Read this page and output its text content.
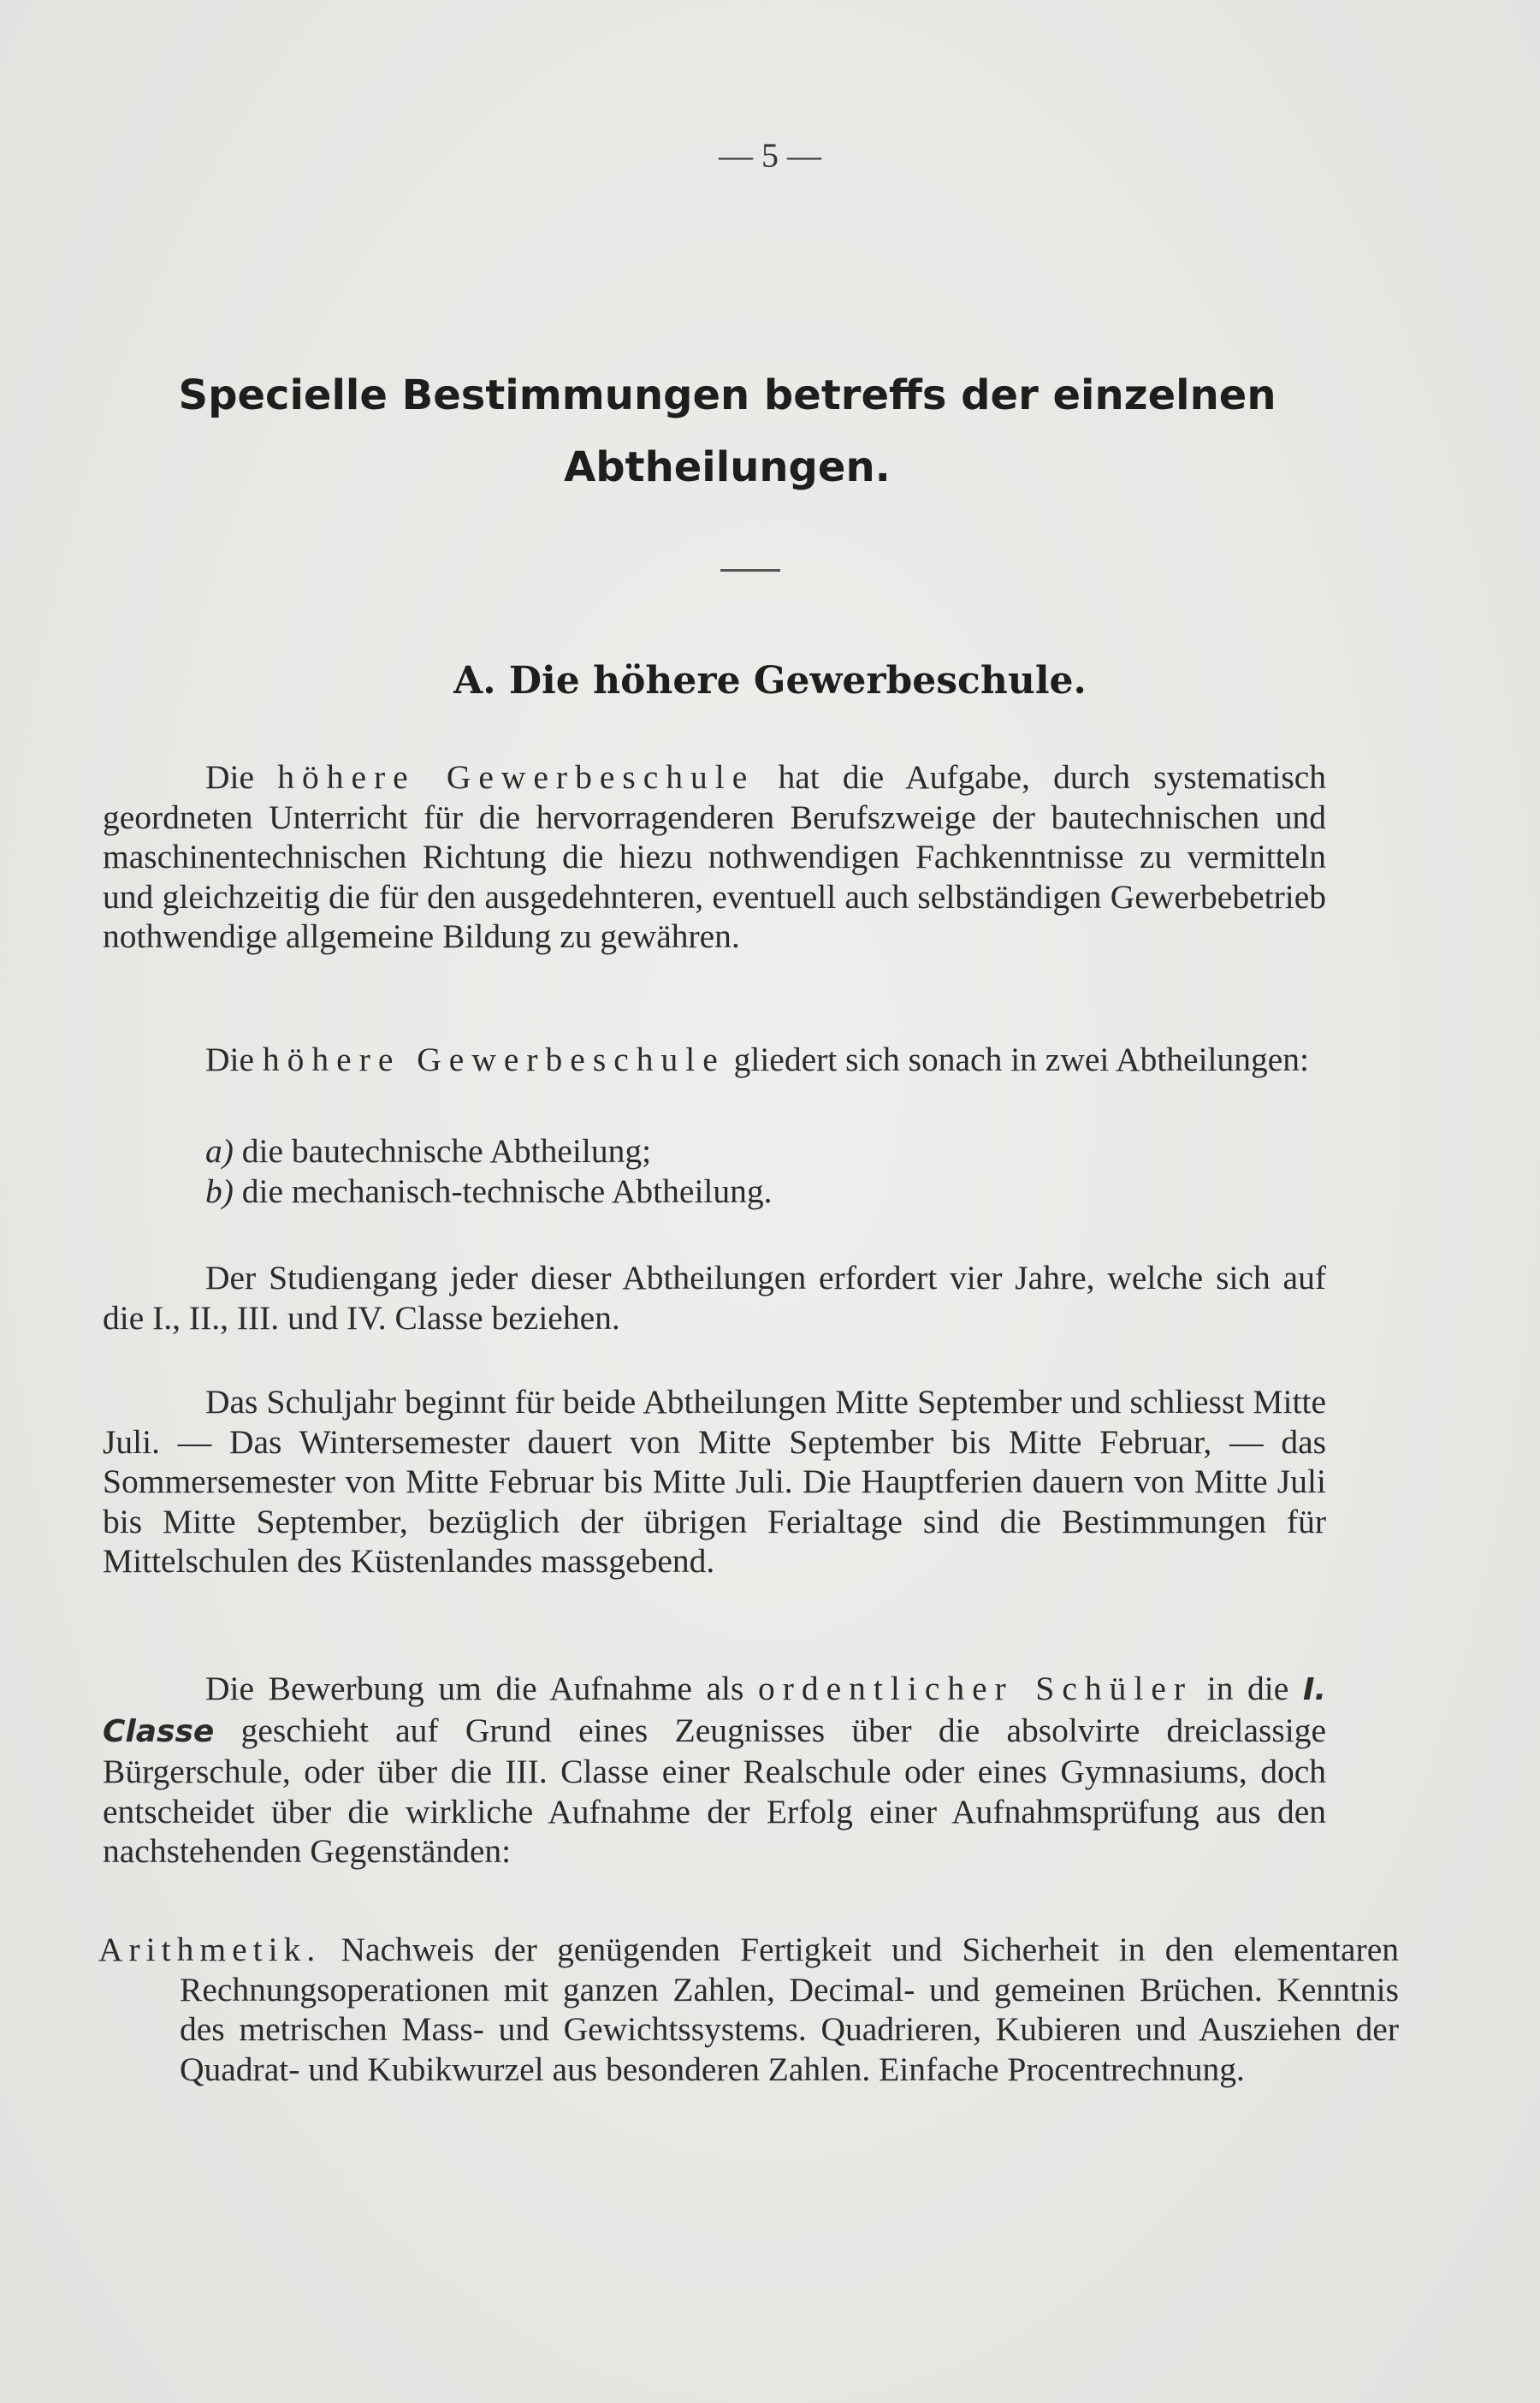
— 5 —
Specielle Bestimmungen betreffs der einzelnen
Abtheilungen.
A. Die höhere Gewerbeschule.

Die höhere Gewerbeschule hat die Aufgabe, durch systematisch geordneten Unterricht für die hervorragenderen Berufszweige der bautechnischen und maschinentechnischen Richtung die hiezu nothwendigen Fachkenntnisse zu vermitteln und gleichzeitig die für den ausgedehnteren, eventuell auch selbständigen Gewerbebetrieb nothwendige allgemeine Bildung zu gewähren.

Die höhere Gewerbeschule gliedert sich sonach in zwei Abtheilungen:

a) die bautechnische Abtheilung;
b) die mechanisch-technische Abtheilung.

Der Studiengang jeder dieser Abtheilungen erfordert vier Jahre, welche sich auf die I., II., III. und IV. Classe beziehen.

Das Schuljahr beginnt für beide Abtheilungen Mitte September und schliesst Mitte Juli. — Das Wintersemester dauert von Mitte September bis Mitte Februar, — das Sommersemester von Mitte Februar bis Mitte Juli. Die Hauptferien dauern von Mitte Juli bis Mitte September, bezüglich der übrigen Ferialtage sind die Bestimmungen für Mittelschulen des Küstenlandes massgebend.

Die Bewerbung um die Aufnahme als ordentlicher Schüler in die I. Classe geschieht auf Grund eines Zeugnisses über die absolvirte dreiclassige Bürgerschule, oder über die III. Classe einer Realschule oder eines Gymnasiums, doch entscheidet über die wirkliche Aufnahme der Erfolg einer Aufnahmsprüfung aus den nachstehenden Gegenständen:

Arithmetik. Nachweis der genügenden Fertigkeit und Sicherheit in den elementaren Rechnungsoperationen mit ganzen Zahlen, Decimal- und gemeinen Brüchen. Kenntnis des metrischen Mass- und Gewichtssystems. Quadrieren, Kubieren und Ausziehen der Quadrat- und Kubikwurzel aus besonderen Zahlen. Einfache Procentrechnung.
